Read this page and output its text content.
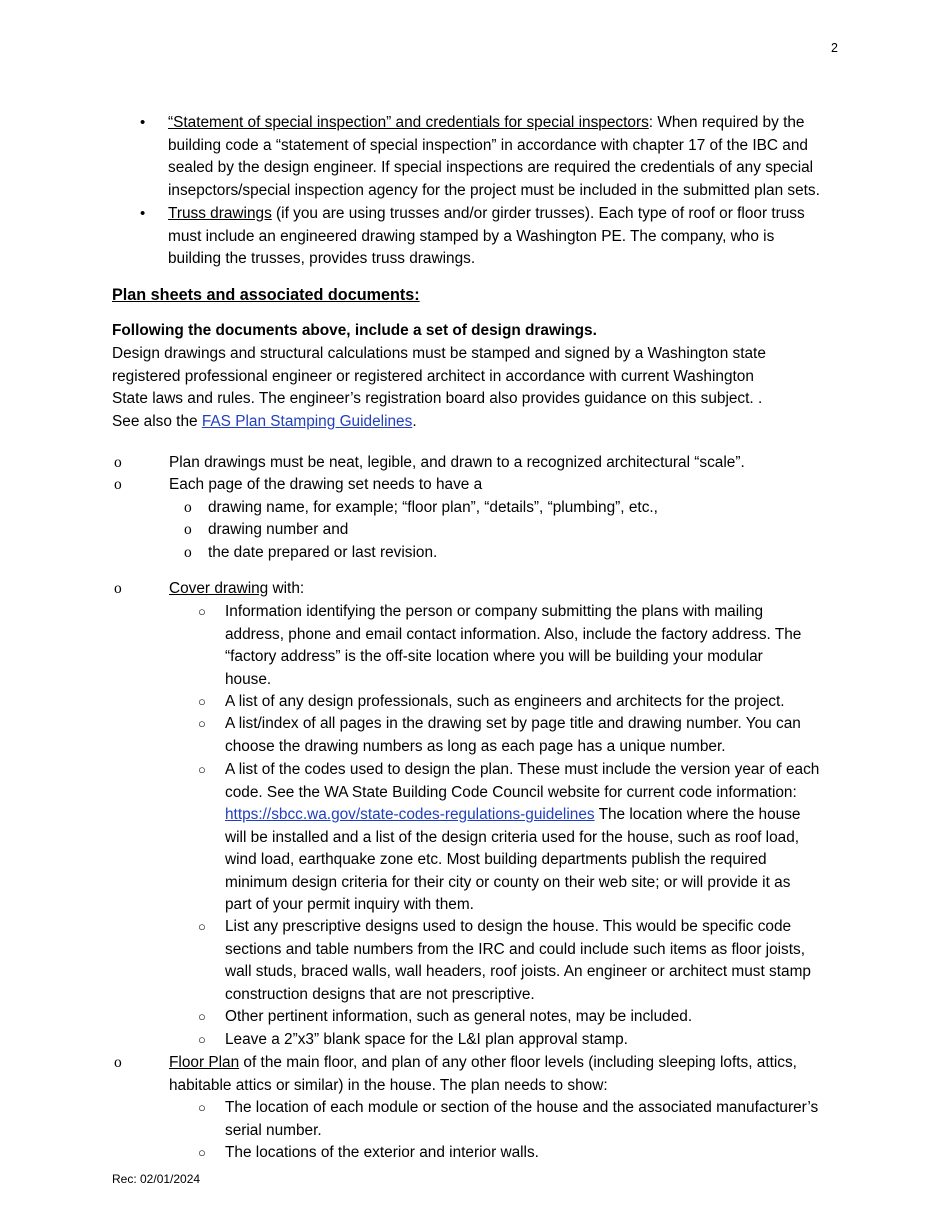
2
• “Statement of special inspection” and credentials for special inspectors: When required by the
building code a “statement of special inspection” in accordance with chapter 17 of the IBC and
sealed by the design engineer. If special inspections are required the credentials of any special
insepctors/special inspection agency for the project must be included in the submitted plan sets.
• Truss drawings (if you are using trusses and/or girder trusses). Each type of roof or floor truss
must include an engineered drawing stamped by a Washington PE. The company, who is
building the trusses, provides truss drawings.
Plan sheets and associated documents:
Following the documents above, include a set of design drawings.
Design drawings and structural calculations must be stamped and signed by a Washington state
registered professional engineer or registered architect in accordance with current Washington
State laws and rules. The engineer’s registration board also provides guidance on this subject. .
See also the FAS Plan Stamping Guidelines.
o	Plan drawings must be neat, legible, and drawn to a recognized architectural “scale”.
o	Each page of the drawing set needs to have a
o drawing name, for example; “floor plan”, “details”, “plumbing”, etc.,
o drawing number and
o the date prepared or last revision.
o	Cover drawing with:
○ Information identifying the person or company submitting the plans with mailing
address, phone and email contact information. Also, include the factory address. The
“factory address” is the off-site location where you will be building your modular
house.
○ A list of any design professionals, such as engineers and architects for the project.
○ A list/index of all pages in the drawing set by page title and drawing number. You can
choose the drawing numbers as long as each page has a unique number.
○ A list of the codes used to design the plan. These must include the version year of each
code. See the WA State Building Code Council website for current code information:
https://sbcc.wa.gov/state-codes-regulations-guidelines The location where the house
will be installed and a list of the design criteria used for the house, such as roof load,
wind load, earthquake zone etc. Most building departments publish the required
minimum design criteria for their city or county on their web site; or will provide it as
part of your permit inquiry with them.
○ List any prescriptive designs used to design the house. This would be specific code
sections and table numbers from the IRC and could include such items as floor joists,
wall studs, braced walls, wall headers, roof joists. An engineer or architect must stamp
construction designs that are not prescriptive.
○ Other pertinent information, such as general notes, may be included.
○ Leave a 2”x3” blank space for the L&I plan approval stamp.
o	Floor Plan of the main floor, and plan of any other floor levels (including sleeping lofts, attics,
habitable attics or similar) in the house. The plan needs to show:
○ The location of each module or section of the house and the associated manufacturer’s
serial number.
○ The locations of the exterior and interior walls.
Rec: 02/01/2024
